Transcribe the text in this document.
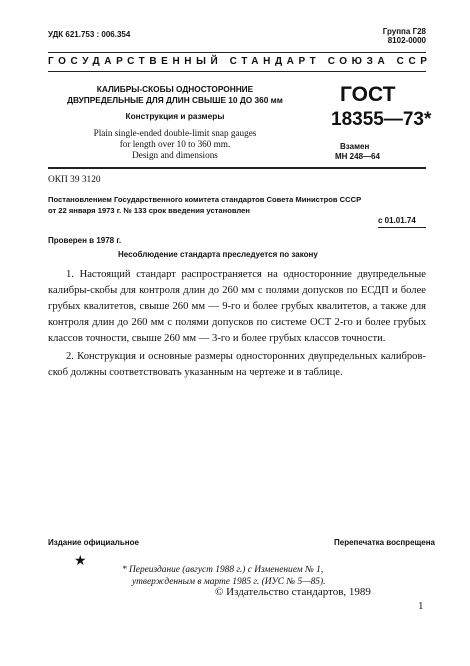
УДК 621.753 : 006.354	Группа Г28
8102-0000
ГОСУДАРСТВЕННЫЙ СТАНДАРТ СОЮЗА ССР
КАЛИБРЫ-СКОБЫ ОДНОСТОРОННИЕ
ДВУПРЕДЕЛЬНЫЕ ДЛЯ ДЛИН СВЫШЕ 10 ДО 360 мм
Конструкция и размеры
Plain single-ended double-limit snap gauges
for length over 10 to 360 mm.
Design and dimensions
ГОСТ
18355—73*
Взамен
МН 248—64
ОКП 39 3120
Постановлением Государственного комитета стандартов Совета Министров СССР
от 22 января 1973 г. № 133 срок введения установлен
с 01.01.74
Проверен в 1978 г.
Несоблюдение стандарта преследуется по закону
1. Настоящий стандарт распространяется на односторонние двупредельные калибры-скобы для контроля длин до 260 мм с полями допусков по ЕСДП и более грубых квалитетов, свыше 260 мм — 9-го и более грубых квалитетов, а также для контроля длин до 260 мм с полями допусков по системе ОСТ 2-го и более грубых классов точности, свыше 260 мм — 3-го и более грубых классов точности.
2. Конструкция и основные размеры односторонних двупредельных калибров-скоб должны соответствовать указанным на чертеже и в таблице.
Издание официальное	Перепечатка воспрещена
★
* Переиздание (август 1988 г.) с Изменением № 1,
утвержденным в марте 1985 г. (ИУС № 5—85).
© Издательство стандартов, 1989
1
